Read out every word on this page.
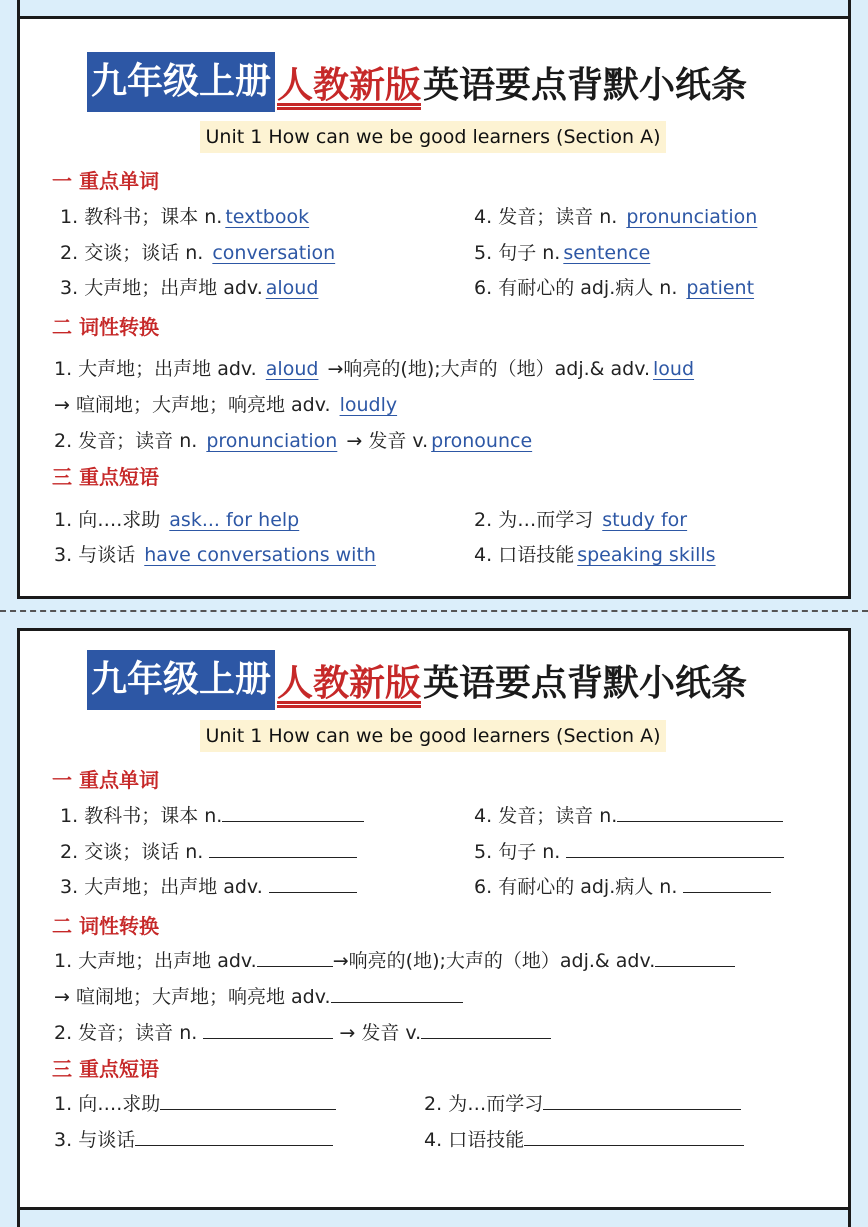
九年级上册 人教新版 英语要点背默小纸条
Unit 1 How can we be good learners (Section A)
一 重点单词
1. 教科书；课本 n. textbook
2. 交谈；谈话 n. conversation
3. 大声地；出声地 adv. aloud
4. 发音；读音 n. pronunciation
5. 句子 n. sentence
6. 有耐心的 adj.病人 n. patient
二 词性转换
1. 大声地；出声地 adv. aloud →响亮的(地);大声的（地）adj.& adv. loud
→ 喧闹地；大声地；响亮地 adv. loudly
2. 发音；读音 n. pronunciation → 发音 v. pronounce
三 重点短语
1. 向….求助 ask... for help
3. 与谈话 have conversations with
2. 为…而学习 study for
4. 口语技能 speaking skills
九年级上册 人教新版 英语要点背默小纸条
Unit 1 How can we be good learners (Section A)
一 重点单词
1. 教科书；课本 n.
2. 交谈；谈话 n.
3. 大声地；出声地 adv.
4. 发音；读音 n.
5. 句子 n.
6. 有耐心的 adj.病人 n.
二 词性转换
1. 大声地；出声地 adv.	→响亮的(地);大声的（地）adj.& adv.
→ 喧闹地；大声地；响亮地 adv.
2. 发音；读音 n.	→ 发音 v.
三 重点短语
1. 向….求助
3. 与谈话
2. 为…而学习
4. 口语技能
